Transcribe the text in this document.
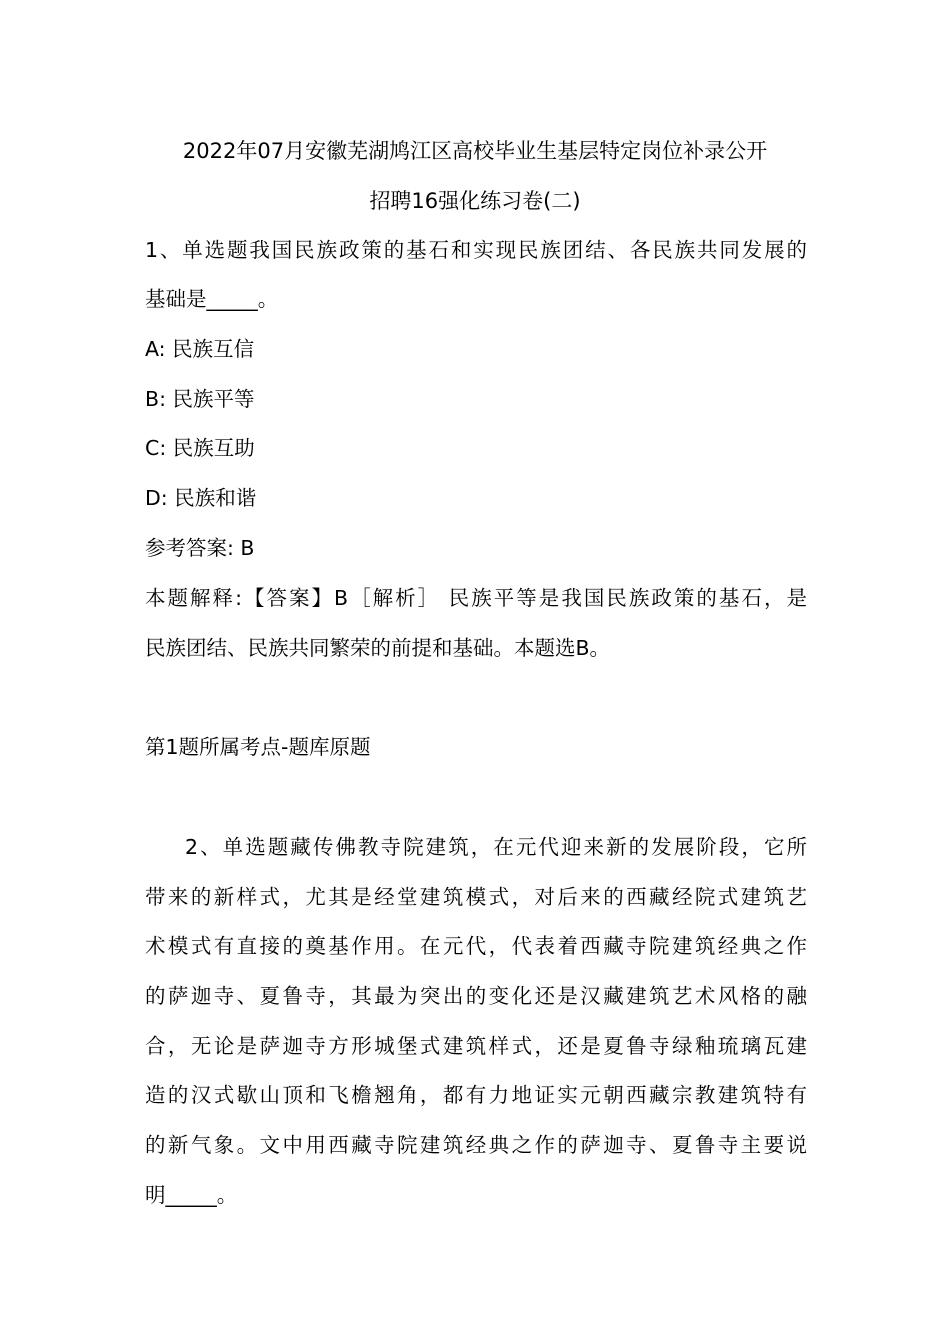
2022年07月安徽芜湖鸠江区高校毕业生基层特定岗位补录公开
招聘16强化练习卷(二)
1、单选题我国民族政策的基石和实现民族团结、各民族共同发展的
基础是_____。
A: 民族互信
B: 民族平等
C: 民族互助
D: 民族和谐
参考答案: B
本题解释:【答案】B［解析］ 民族平等是我国民族政策的基石，是
民族团结、民族共同繁荣的前提和基础。本题选B。
第1题所属考点-题库原题
2、单选题藏传佛教寺院建筑，在元代迎来新的发展阶段，它所
带来的新样式，尤其是经堂建筑模式，对后来的西藏经院式建筑艺
术模式有直接的奠基作用。在元代，代表着西藏寺院建筑经典之作
的萨迦寺、夏鲁寺，其最为突出的变化还是汉藏建筑艺术风格的融
合，无论是萨迦寺方形城堡式建筑样式，还是夏鲁寺绿釉琉璃瓦建
造的汉式歇山顶和飞檐翘角，都有力地证实元朝西藏宗教建筑特有
的新气象。文中用西藏寺院建筑经典之作的萨迦寺、夏鲁寺主要说
明_____。
